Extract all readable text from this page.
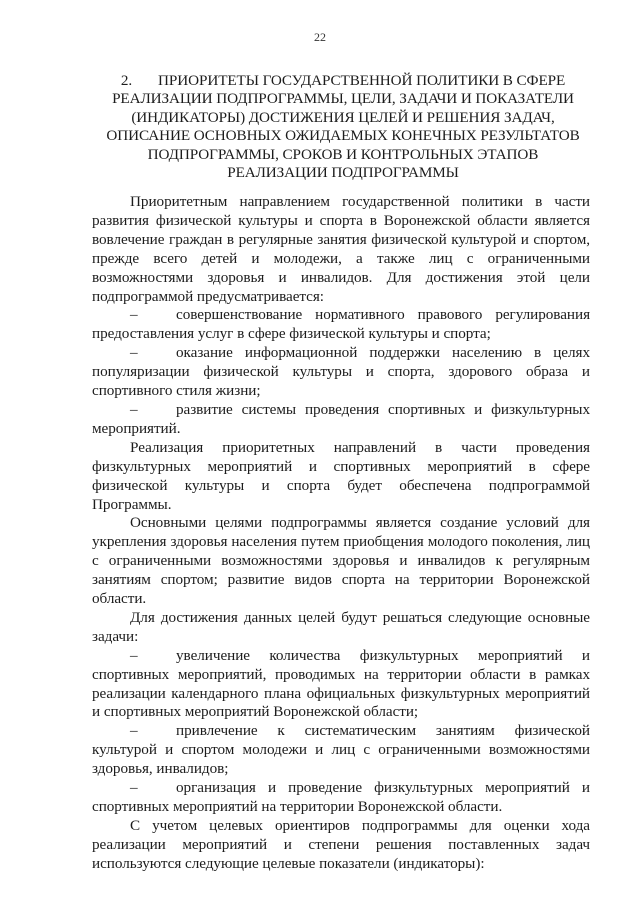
22
2. ПРИОРИТЕТЫ ГОСУДАРСТВЕННОЙ ПОЛИТИКИ В СФЕРЕ РЕАЛИЗАЦИИ ПОДПРОГРАММЫ, ЦЕЛИ, ЗАДАЧИ И ПОКАЗАТЕЛИ (ИНДИКАТОРЫ) ДОСТИЖЕНИЯ ЦЕЛЕЙ И РЕШЕНИЯ ЗАДАЧ, ОПИСАНИЕ ОСНОВНЫХ ОЖИДАЕМЫХ КОНЕЧНЫХ РЕЗУЛЬТАТОВ ПОДПРОГРАММЫ, СРОКОВ И КОНТРОЛЬНЫХ ЭТАПОВ РЕАЛИЗАЦИИ ПОДПРОГРАММЫ

Приоритетным направлением государственной политики в части развития физической культуры и спорта в Воронежской области является вовлечение граждан в регулярные занятия физической культурой и спортом, прежде всего детей и молодежи, а также лиц с ограниченными возможностями здоровья и инвалидов. Для достижения этой цели подпрограммой предусматривается:

–	совершенствование нормативного правового регулирования предоставления услуг в сфере физической культуры и спорта;

–	оказание информационной поддержки населению в целях популяризации физической культуры и спорта, здорового образа и спортивного стиля жизни;

–	развитие системы проведения спортивных и физкультурных мероприятий.

Реализация приоритетных направлений в части проведения физкультурных мероприятий и спортивных мероприятий в сфере физической культуры и спорта будет обеспечена подпрограммой Программы.

Основными целями подпрограммы является создание условий для укрепления здоровья населения путем приобщения молодого поколения, лиц с ограниченными возможностями здоровья и инвалидов к регулярным занятиям спортом; развитие видов спорта на территории Воронежской области.

Для достижения данных целей будут решаться следующие основные задачи:

–	увеличение количества физкультурных мероприятий и спортивных мероприятий, проводимых на территории области в рамках реализации календарного плана официальных физкультурных мероприятий и спортивных мероприятий Воронежской области;

–	привлечение к систематическим занятиям физической культурой и спортом молодежи и лиц с ограниченными возможностями здоровья, инвалидов;

–	организация и проведение физкультурных мероприятий и спортивных мероприятий на территории Воронежской области.

С учетом целевых ориентиров подпрограммы для оценки хода реализации мероприятий и степени решения поставленных задач используются следующие целевые показатели (индикаторы):
